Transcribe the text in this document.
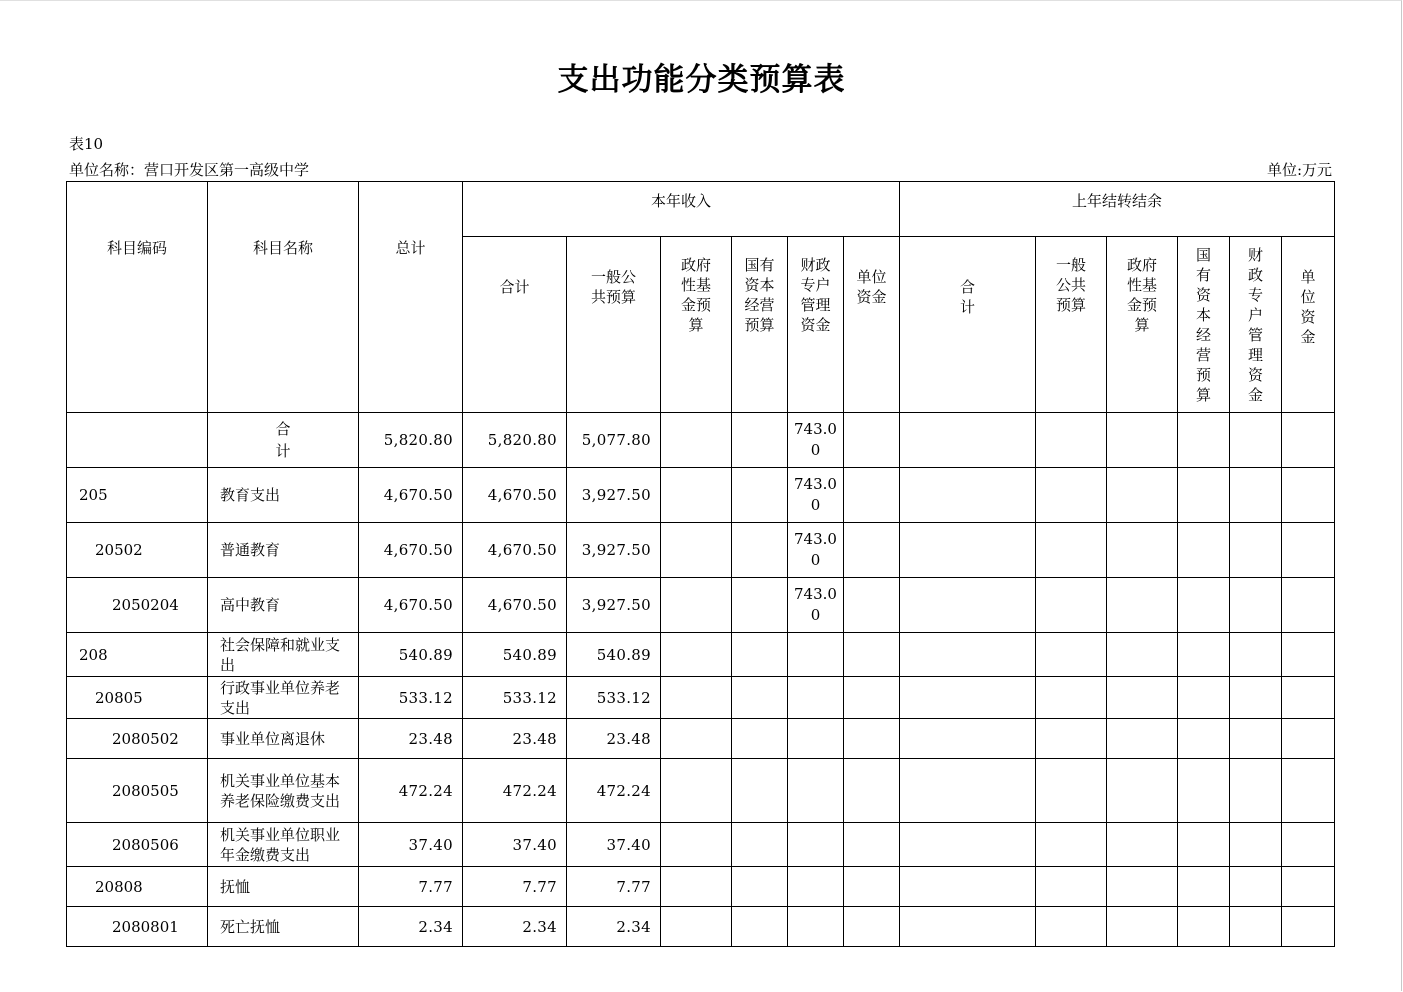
支出功能分类预算表
表10
单位名称：营口开发区第一高级中学	单位:万元
科目编码	科目名称	总计	本年收入						上年结转结余					
			合计	一般公共预算	政府性基金预算	国有资本经营预算	财政专户管理资金	单位资金	合计	一般公共预算	政府性基金预算	国有资本经营预算	财政专户管理资金	单位资金
	合计	5,820.80	5,820.80	5,077.80			743.00							
205	教育支出	4,670.50	4,670.50	3,927.50			743.00							
20502	普通教育	4,670.50	4,670.50	3,927.50			743.00							
2050204	高中教育	4,670.50	4,670.50	3,927.50			743.00							
208	社会保障和就业支出	540.89	540.89	540.89										
20805	行政事业单位养老支出	533.12	533.12	533.12										
2080502	事业单位离退休	23.48	23.48	23.48										
2080505	机关事业单位基本养老保险缴费支出	472.24	472.24	472.24										
2080506	机关事业单位职业年金缴费支出	37.40	37.40	37.40										
20808	抚恤	7.77	7.77	7.77										
2080801	死亡抚恤	2.34	2.34	2.34										
